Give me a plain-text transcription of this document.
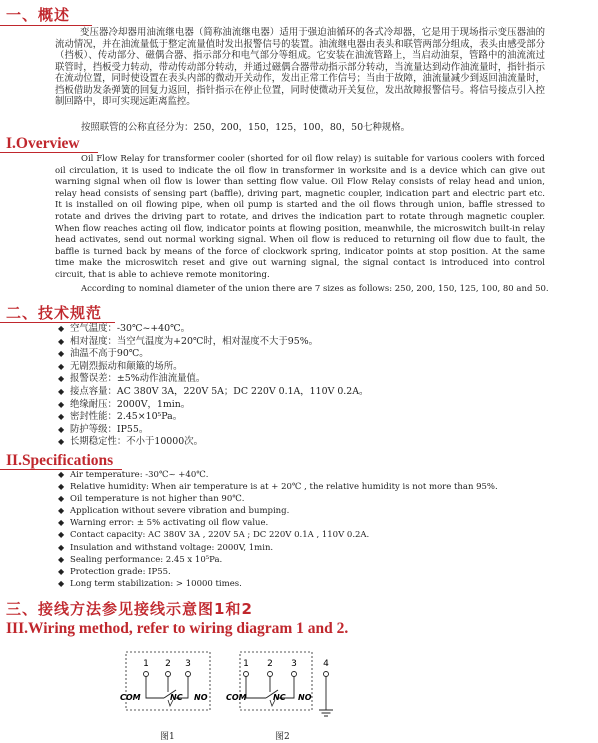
一、概述
变压器冷却器用油流继电器（简称油流继电器）适用于强迫油循环的各式冷却器，它是用于现场指示变压器油的流动情况，并在油流量低于整定流量值时发出报警信号的装置。油流继电器由表头和联管两部分组成，表头由感受部分（挡板）、传动部分、磁偶合器、指示部分和电气部分等组成。它安装在油流管路上，当启动油泵，管路中的油流流过联管时，挡板受力转动，带动传动部分转动，并通过磁偶合器带动指示部分转动，当流量达到动作油流量时，指针指示在流动位置，同时使设置在表头内部的微动开关动作，发出正常工作信号；当由于故障，油流量减少到返回油流量时，挡板借助发条弹簧的回复力返回，指针指示在停止位置，同时使微动开关复位，发出故障报警信号。将信号接点引入控制回路中，即可实现远距离监控。
按照联管的公称直径分为：250，200，150，125，100，80，50七种规格。
I.Overview
Oil Flow Relay for transformer cooler (shorted for oil flow relay) is suitable for various coolers with forced oil circulation, it is used to indicate the oil flow in transformer in worksite and is a device which can give out warning signal when oil flow is lower than setting flow value. Oil Flow Relay consists of relay head and union, relay head consists of sensing part (baffle), driving part, magnetic coupler, indication part and electric part etc. It is installed on oil flowing pipe, when oil pump is started and the oil flows through union, baffle stressed to rotate and drives the driving part to rotate, and drives the indication part to rotate through magnetic coupler. When flow reaches acting oil flow, indicator points at flowing position, meanwhile, the microswitch built-in relay head activates, send out normal working signal. When oil flow is reduced to returning oil flow due to fault, the baffle is turned back by means of the force of clockwork spring, indicator points at stop position. At the same time make the microswitch reset and give out warning signal, the signal contact is introduced into control circuit, that is able to achieve remote monitoring.
According to nominal diameter of the union there are 7 sizes as follows: 250, 200, 150, 125, 100, 80 and 50.
二、技术规范
◆ 空气温度：-30℃~+40℃。
◆ 相对湿度：当空气温度为+20℃时，相对湿度不大于95%。
◆ 油温不高于90℃。
◆ 无剧烈振动和颠簸的场所。
◆ 报警误差：±5%动作油流量值。
◆ 接点容量：AC 380V 3A，220V 5A；DC 220V 0.1A，110V 0.2A。
◆ 绝缘耐压：2000V，1min。
◆ 密封性能：2.45×10⁵Pa。
◆ 防护等级：IP55。
◆ 长期稳定性：不小于10000次。
II.Specifications
◆ Air temperature: -30℃~ +40℃.
◆ Relative humidity: When air temperature is at + 20℃ , the relative humidity is not more than 95%.
◆ Oil temperature is not higher than 90℃.
◆ Application without severe vibration and bumping.
◆ Warning error: ± 5% activating oil flow value.
◆ Contact capacity: AC 380V 3A , 220V 5A ; DC 220V 0.1A , 110V 0.2A.
◆ Insulation and withstand voltage: 2000V, 1min.
◆ Sealing performance: 2.45 x 10⁵Pa.
◆ Protection grade: IP55.
◆ Long term stabilization: > 10000 times.
三、接线方法参见接线示意图1和2
III.Wiring method, refer to wiring diagram 1 and 2.
1 2 3
COM	NC NO
图1
1 2 3	4
COM	NC NO
图2
